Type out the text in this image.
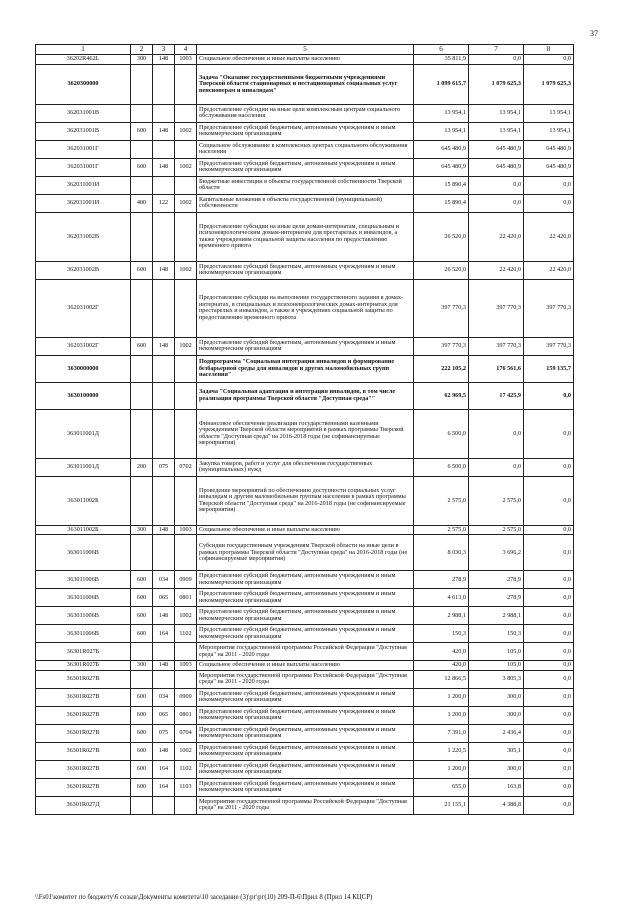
37
1	2	3	4	5	6	7	8
36202R462L	300	148	1003	Социальное обеспечение и иные выплаты населению	35 811,9	0,0	0,0
3620300000				Задача "Оказание государственными бюджетными учреждениями Тверской области стационарных и нестационарных социальных услуг пенсионерам и инвалидам"	1 099 615,7	1 079 625,3	1 079 625,3
362031001В				Предоставление субсидии на иные цели комплексным центрам социального обслуживания населения	13 954,1	13 954,1	13 954,1
362031001В	600	148	1002	Предоставление субсидий бюджетным, автономным учреждениям и иным некоммерческим организациям	13 954,1	13 954,1	13 954,1
362031001Г				Социальное обслуживание в комплексных центрах социального обслуживания населения	645 480,9	645 480,9	645 480,9
362031001Г	600	148	1002	Предоставление субсидий бюджетным, автономным учреждениям и иным некоммерческим организациям	645 480,9	645 480,9	645 480,9
362031001И				Бюджетные инвестиции в объекты государственной собственности Тверской области	15 890,4	0,0	0,0
362031001И	400	122	1002	Капитальные вложения в объекты государственной (муниципальной) собственности	15 890,4	0,0	0,0
362031002В				Предоставление субсидии на иные цели домам-интернатам, специальным и психоневрологическим домам-интернатам для престарелых и инвалидов, а также учреждениям социальной защиты населения по предоставлению временного приюта	26 520,0	22 420,0	22 420,0
362031002В	600	148	1002	Предоставление субсидий бюджетным, автономным учреждениям и иным некоммерческим организациям	26 520,0	22 420,0	22 420,0
362031002Г				Предоставление субсидии на выполнение государственного задания в домах-интернатах, в специальных и психоневрологических домах-интернатах для престарелых и инвалидов, а также в учреждениях социальной защиты по предоставлению временного приюта	397 770,3	397 770,3	397 770,3
362031002Г	600	148	1002	Предоставление субсидий бюджетным, автономным учреждениям и иным некоммерческим организациям	397 770,3	397 770,3	397 770,3
3630000000				Подпрограмма "Социальная интеграция инвалидов и формирование безбарьерной среды для инвалидов и других маломобильных групп населения"	222 105,2	176 561,6	159 135,7
3630100000				Задача "Социальная адаптация и интеграция инвалидов, в том числе реализация программы Тверской области "Доступная среда""	62 969,5	17 425,9	0,0
363011001Д				Финансовое обеспечение реализации государственными казенными учреждениями Тверской области мероприятий в рамках программы Тверской области "Доступная среда" на 2016-2018 годы (не софинансируемые мероприятия)	6 500,0	0,0	0,0
363011001Д	200	075	0702	Закупка товаров, работ и услуг для обеспечения государственных (муниципальных) нужд	6 500,0	0,0	0,0
363011002Б				Проведение мероприятий по обеспечению доступности социальных услуг инвалидам и другим маломобильным группам населения в рамках программы Тверской области "Доступная среда" на 2016-2018 годы (не софинансируемые мероприятия)	2 575,0	2 575,0	0,0
363011002Б	300	148	1003	Социальное обеспечение и иные выплаты населению	2 575,0	2 575,0	0,0
363011006В				Субсидии государственным учреждениям Тверской области на иные цели в рамках программы Тверской области "Доступная среда" на 2016-2018 годы (не софинансируемые мероприятия)	8 030,3	3 696,2	0,0
363011006В	600	034	0909	Предоставление субсидий бюджетным, автономным учреждениям и иным некоммерческим организациям	278,9	278,9	0,0
363011006В	600	065	0801	Предоставление субсидий бюджетным, автономным учреждениям и иным некоммерческим организациям	4 613,0	278,9	0,0
363011006В	600	148	1002	Предоставление субсидий бюджетным, автономным учреждениям и иным некоммерческим организациям	2 988,1	2 988,1	0,0
363011006В	600	164	1102	Предоставление субсидий бюджетным, автономным учреждениям и иным некоммерческим организациям	150,3	150,3	0,0
36301R027Б				Мероприятия государственной программы Российской Федерации "Доступная среда" на 2011 - 2020 годы	420,0	105,0	0,0
36301R027Б	300	148	1003	Социальное обеспечение и иные выплаты населению	420,0	105,0	0,0
36301R027В				Мероприятия государственной программы Российской Федерации "Доступная среда" на 2011 - 2020 годы	12 866,5	3 805,3	0,0
36301R027В	600	034	0909	Предоставление субсидий бюджетным, автономным учреждениям и иным некоммерческим организациям	1 200,0	300,0	0,0
36301R027В	600	065	0801	Предоставление субсидий бюджетным, автономным учреждениям и иным некоммерческим организациям	1 200,0	300,0	0,0
36301R027В	600	075	0704	Предоставление субсидий бюджетным, автономным учреждениям и иным некоммерческим организациям	7 391,0	2 436,4	0,0
36301R027В	600	148	1002	Предоставление субсидий бюджетным, автономным учреждениям и иным некоммерческим организациям	1 220,5	305,1	0,0
36301R027В	600	164	1102	Предоставление субсидий бюджетным, автономным учреждениям и иным некоммерческим организациям	1 200,0	300,0	0,0
36301R027В	600	164	1103	Предоставление субсидий бюджетным, автономным учреждениям и иным некоммерческим организациям	655,0	163,8	0,0
36301R027Д				Мероприятия государственной программы Российской Федерации "Доступная среда" на 2011 - 2020 годы	21 155,1	4 388,8	0,0
\\Fs01\комитет по бюджету\6 созыв\Документы комитета\10 заседание (3)\рг\рг(10) 209-П-6\Прил 8 (Прил 14 КЦСР)
